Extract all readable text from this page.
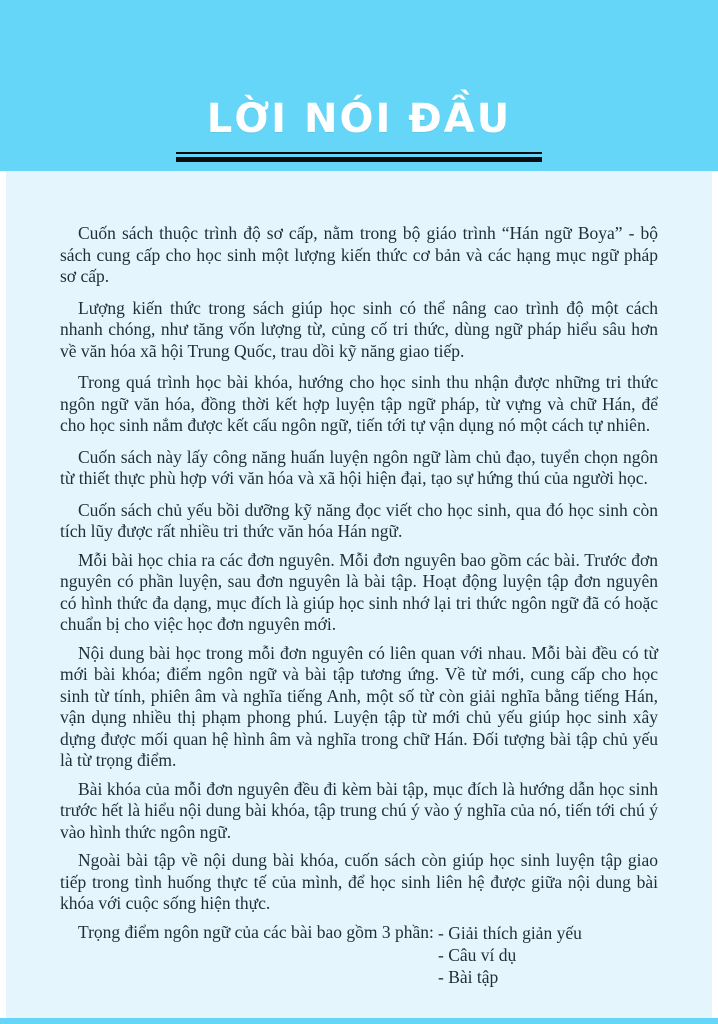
LỜI NÓI ĐẦU

Cuốn sách thuộc trình độ sơ cấp, nằm trong bộ giáo trình “Hán ngữ Boya” - bộ sách cung cấp cho học sinh một lượng kiến thức cơ bản và các hạng mục ngữ pháp sơ cấp.

Lượng kiến thức trong sách giúp học sinh có thể nâng cao trình độ một cách nhanh chóng, như tăng vốn lượng từ, củng cố tri thức, dùng ngữ pháp hiểu sâu hơn về văn hóa xã hội Trung Quốc, trau dồi kỹ năng giao tiếp.

Trong quá trình học bài khóa, hướng cho học sinh thu nhận được những tri thức ngôn ngữ văn hóa, đồng thời kết hợp luyện tập ngữ pháp, từ vựng và chữ Hán, để cho học sinh nắm được kết cấu ngôn ngữ, tiến tới tự vận dụng nó một cách tự nhiên.

Cuốn sách này lấy công năng huấn luyện ngôn ngữ làm chủ đạo, tuyển chọn ngôn từ thiết thực phù hợp với văn hóa và xã hội hiện đại, tạo sự hứng thú của người học.

Cuốn sách chủ yếu bồi dưỡng kỹ năng đọc viết cho học sinh, qua đó học sinh còn tích lũy được rất nhiều tri thức văn hóa Hán ngữ.

Mỗi bài học chia ra các đơn nguyên. Mỗi đơn nguyên bao gồm các bài. Trước đơn nguyên có phần luyện, sau đơn nguyên là bài tập. Hoạt động luyện tập đơn nguyên có hình thức đa dạng, mục đích là giúp học sinh nhớ lại tri thức ngôn ngữ đã có hoặc chuẩn bị cho việc học đơn nguyên mới.

Nội dung bài học trong mỗi đơn nguyên có liên quan với nhau. Mỗi bài đều có từ mới bài khóa; điểm ngôn ngữ và bài tập tương ứng. Về từ mới, cung cấp cho học sinh từ tính, phiên âm và nghĩa tiếng Anh, một số từ còn giải nghĩa bằng tiếng Hán, vận dụng nhiều thị phạm phong phú. Luyện tập từ mới chủ yếu giúp học sinh xây dựng được mối quan hệ hình âm và nghĩa trong chữ Hán. Đối tượng bài tập chủ yếu là từ trọng điểm.

Bài khóa của mỗi đơn nguyên đều đi kèm bài tập, mục đích là hướng dẫn học sinh trước hết là hiểu nội dung bài khóa, tập trung chú ý vào ý nghĩa của nó, tiến tới chú ý vào hình thức ngôn ngữ.

Ngoài bài tập về nội dung bài khóa, cuốn sách còn giúp học sinh luyện tập giao tiếp trong tình huống thực tế của mình, để học sinh liên hệ được giữa nội dung bài khóa với cuộc sống hiện thực.

Trọng điểm ngôn ngữ của các bài bao gồm 3 phần: - Giải thích giản yếu
- Câu ví dụ
- Bài tập
